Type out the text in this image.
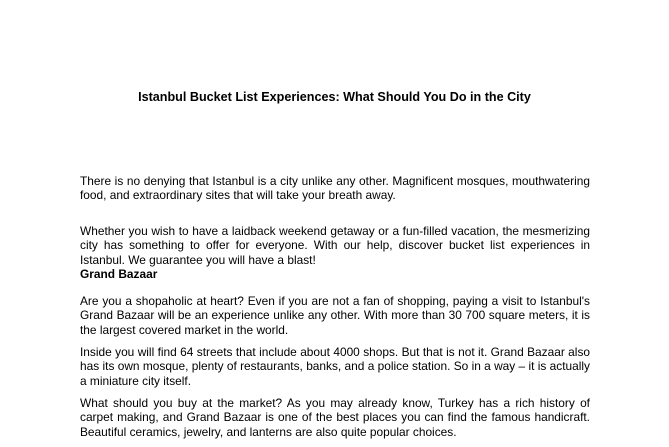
Istanbul Bucket List Experiences: What Should You Do in the City

There is no denying that Istanbul is a city unlike any other. Magnificent mosques, mouthwatering food, and extraordinary sites that will take your breath away.

Whether you wish to have a laidback weekend getaway or a fun-filled vacation, the mesmerizing city has something to offer for everyone. With our help, discover bucket list experiences in Istanbul. We guarantee you will have a blast!

Grand Bazaar

Are you a shopaholic at heart? Even if you are not a fan of shopping, paying a visit to Istanbul's Grand Bazaar will be an experience unlike any other. With more than 30 700 square meters, it is the largest covered market in the world.

Inside you will find 64 streets that include about 4000 shops. But that is not it. Grand Bazaar also has its own mosque, plenty of restaurants, banks, and a police station. So in a way – it is actually a miniature city itself.

What should you buy at the market? As you may already know, Turkey has a rich history of carpet making, and Grand Bazaar is one of the best places you can find the famous handicraft. Beautiful ceramics, jewelry, and lanterns are also quite popular choices.
